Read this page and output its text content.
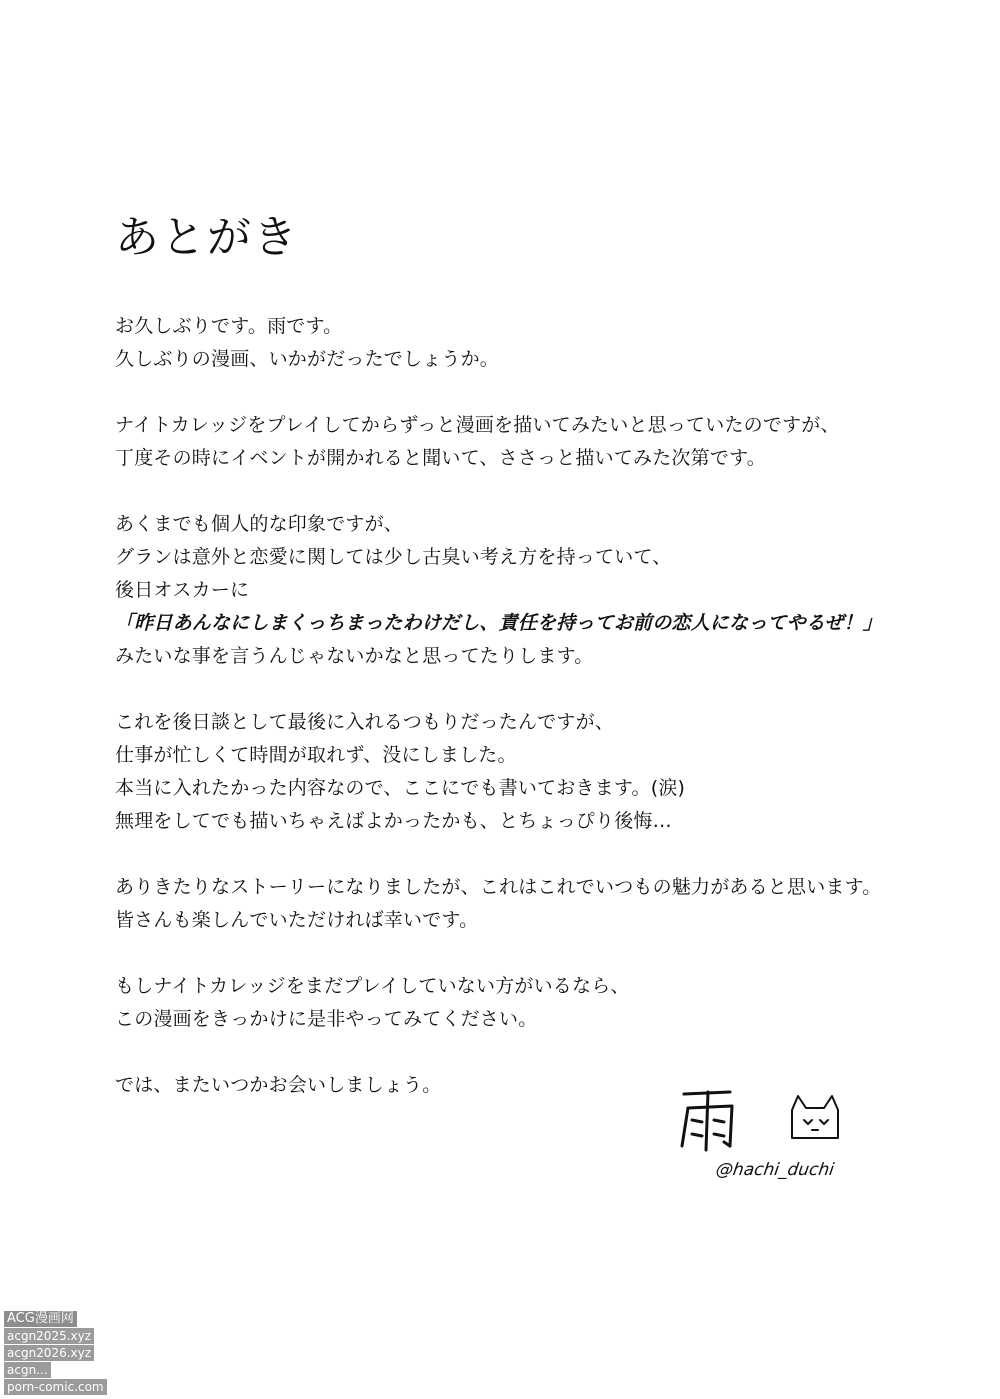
あとがき

お久しぶりです。雨です。
久しぶりの漫画、いかがだったでしょうか。

ナイトカレッジをプレイしてからずっと漫画を描いてみたいと思っていたのですが、
丁度その時にイベントが開かれると聞いて、ささっと描いてみた次第です。

あくまでも個人的な印象ですが、
グランは意外と恋愛に関しては少し古臭い考え方を持っていて、
後日オスカーに
「昨日あんなにしまくっちまったわけだし、責任を持ってお前の恋人になってやるぜ！」
みたいな事を言うんじゃないかなと思ってたりします。

これを後日談として最後に入れるつもりだったんですが、
仕事が忙しくて時間が取れず、没にしました。
本当に入れたかった内容なので、ここにでも書いておきます。(涙)
無理をしてでも描いちゃえばよかったかも、とちょっぴり後悔…

ありきたりなストーリーになりましたが、これはこれでいつもの魅力があると思います。
皆さんも楽しんでいただければ幸いです。

もしナイトカレッジをまだプレイしていない方がいるなら、
この漫画をきっかけに是非やってみてください。

では、またいつかお会いしましょう。

@hachi_duchi
ACG漫画网
acgn2025.xyz
acgn2026.xyz
acgn...
porn-comic.com
